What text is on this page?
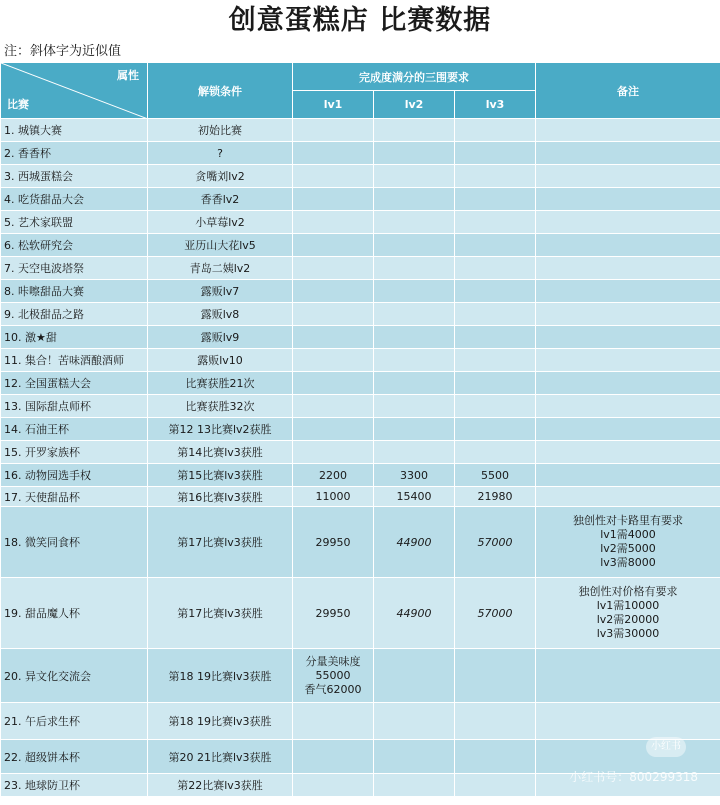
创意蛋糕店 比赛数据
注：斜体字为近似值
属性
比赛	解锁条件	完成度满分的三围要求			备注
		lv1	lv2	lv3	
1. 城镇大赛	初始比赛				
2. 香香杯	?				
3. 西城蛋糕会	贪嘴刘lv2				
4. 吃货甜品大会	香香lv2				
5. 艺术家联盟	小草莓lv2				
6. 松软研究会	亚历山大花lv5				
7. 天空电波塔祭	青岛二姨lv2				
8. 咔嚓甜品大赛	露贩lv7				
9. 北极甜品之路	露贩lv8				
10. 激★甜	露贩lv9				
11. 集合！苦味酒酿酒师	露贩lv10				
12. 全国蛋糕大会	比赛获胜21次				
13. 国际甜点师杯	比赛获胜32次				
14. 石油王杯	第12 13比赛lv2获胜				
15. 开罗家族杯	第14比赛lv3获胜				
16. 动物园选手权	第15比赛lv3获胜	2200	3300	5500	
17. 天使甜品杯	第16比赛lv3获胜	11000	15400	21980	
18. 微笑同食杯	第17比赛lv3获胜	29950	44900	57000	独创性对卡路里有要求
lv1需4000
lv2需5000
lv3需8000

19. 甜品魔人杯	第17比赛lv3获胜	29950	44900	57000	独创性对价格有要求
lv1需10000
lv2需20000
lv3需30000

20. 异文化交流会	第18 19比赛lv3获胜	分量美味度
55000
香气62000			

21. 午后求生杯	第18 19比赛lv3获胜				
22. 超级饼本杯	第20 21比赛lv3获胜				
23. 地球防卫杯	第22比赛lv3获胜				
小红书
小红书号：800299318
